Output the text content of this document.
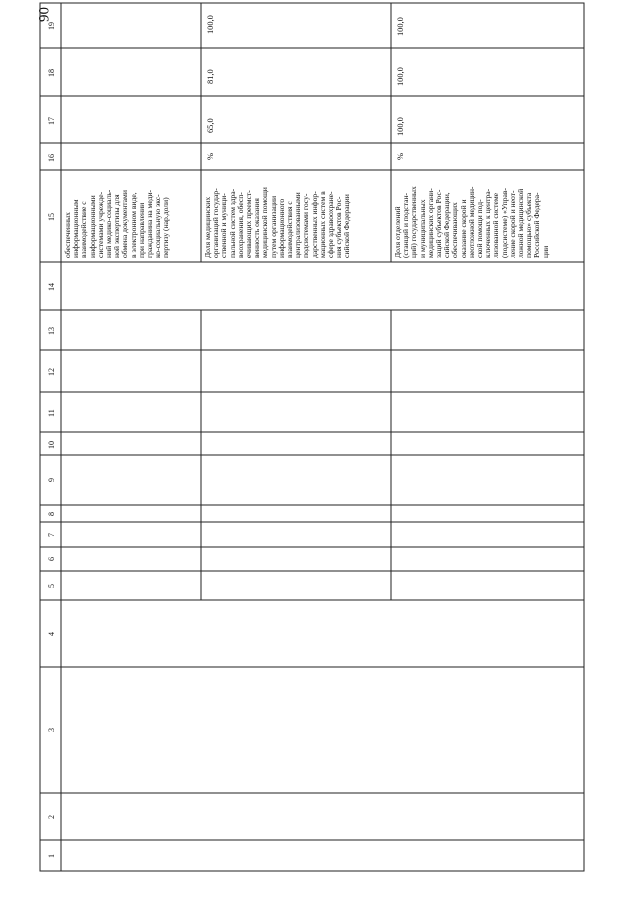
90
1
2
3
4
5
6
7
8
9
10
11
12
13
14
15
16
17
18
19
обеспеченных информационным взаимодействие с информационными системами учрежде- ний медико-социаль- ной экспертизы для обмена документами в электронном виде, при направлении гражданина на меди- ко-социальную экс- пертизу (нар.доли)	Доля медицинских организаций государ- ственной и муници- пальной систем здра- воохранения, обесп- ечивающих преемст- венность оказания медицинской помощи путем организации информационного взаимодействия с централизованными подсистемами госу- дарственных инфор- мационных систем в сфере здравоохране- ния субъектов Рос- сийской Федерации
%
65,0
81,0
100,0
Доля отделений (станций и подстан- ций) государственных и муниципальных медицинских органи- заций субъектов Рос- сийской Федерации, обеспечивающих оказание скорой и неотложной медицин- ской помощи под- ключенных к центра- лизованной системе (подсистеме) «Управ- ление скорой и неот- ложной медицинской помощью» субъекта Российской Федера- ции
%
100,0
100,0
100,0
